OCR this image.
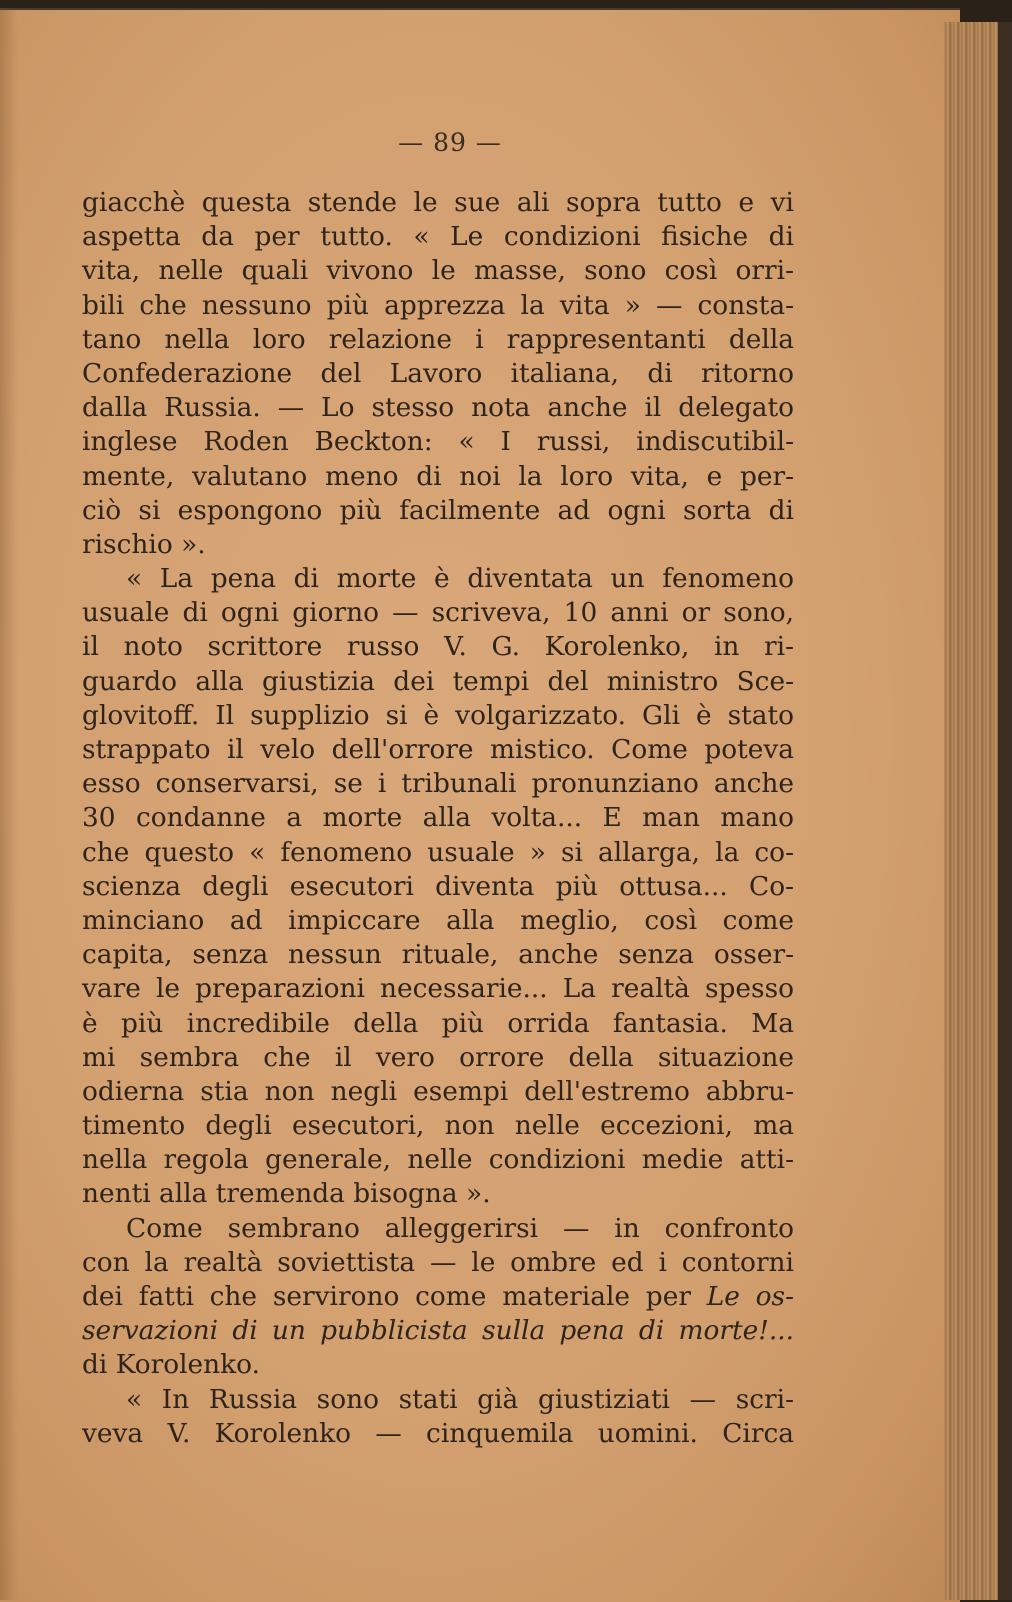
— 89 —
giacchè questa stende le sue ali sopra tutto e vi
aspetta da per tutto. « Le condizioni fisiche di
vita, nelle quali vivono le masse, sono così orri-
bili che nessuno più apprezza la vita » — consta-
tano nella loro relazione i rappresentanti della
Confederazione del Lavoro italiana, di ritorno
dalla Russia. — Lo stesso nota anche il delegato
inglese Roden Beckton: « I russi, indiscutibil-
mente, valutano meno di noi la loro vita, e per-
ciò si espongono più facilmente ad ogni sorta di
rischio ».
« La pena di morte è diventata un fenomeno
usuale di ogni giorno — scriveva, 10 anni or sono,
il noto scrittore russo V. G. Korolenko, in ri-
guardo alla giustizia dei tempi del ministro Sce-
glovitoff. Il supplizio si è volgarizzato. Gli è stato
strappato il velo dell'orrore mistico. Come poteva
esso conservarsi, se i tribunali pronunziano anche
30 condanne a morte alla volta... E man mano
che questo « fenomeno usuale » si allarga, la co-
scienza degli esecutori diventa più ottusa... Co-
minciano ad impiccare alla meglio, così come
capita, senza nessun rituale, anche senza osser-
vare le preparazioni necessarie... La realtà spesso
è più incredibile della più orrida fantasia. Ma
mi sembra che il vero orrore della situazione
odierna stia non negli esempi dell'estremo abbru-
timento degli esecutori, non nelle eccezioni, ma
nella regola generale, nelle condizioni medie atti-
nenti alla tremenda bisogna ».
Come sembrano alleggerirsi — in confronto
con la realtà soviettista — le ombre ed i contorni
dei fatti che servirono come materiale per Le os-
servazioni di un pubblicista sulla pena di morte!...
di Korolenko.
« In Russia sono stati già giustiziati — scri-
veva V. Korolenko — cinquemila uomini. Circa
